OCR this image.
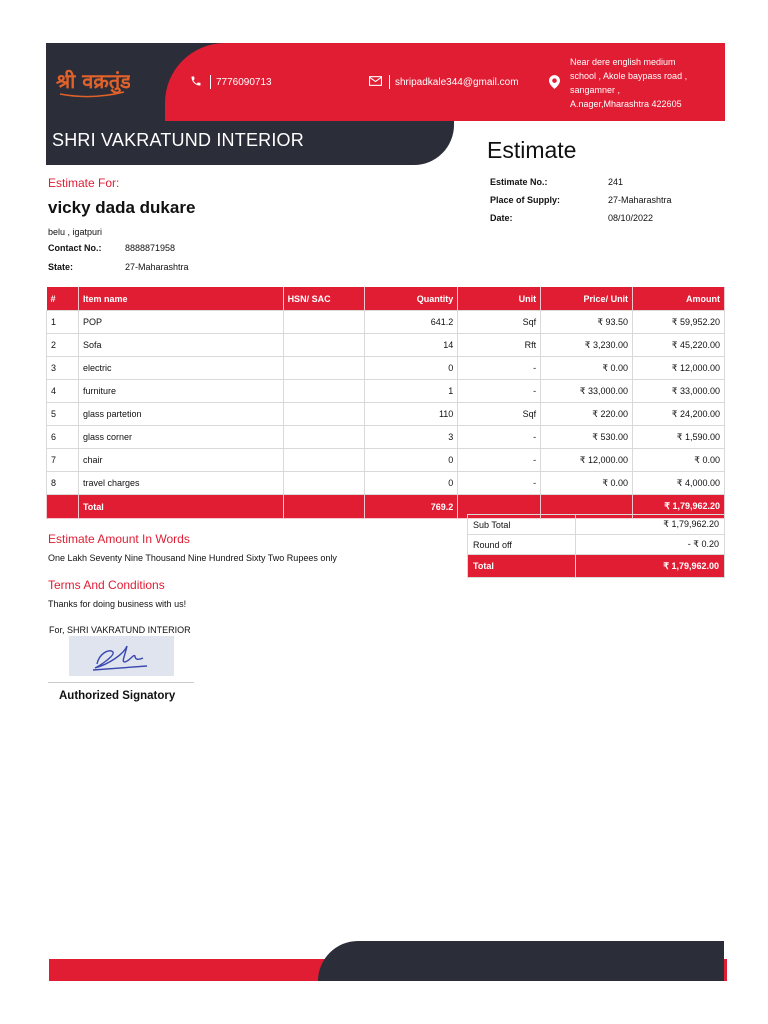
श्री वक्रतुंड	7776090713	shripadkale344@gmail.com
Near dere english medium
school , Akole baypass road ,
sangamner ,
A.nager,Mharashtra 422605
SHRI VAKRATUND INTERIOR	Estimate
Estimate For:
vicky dada dukare
belu , igatpuri
Contact No.:	8888871958
State:	27-Maharashtra
Estimate No.:	241
Place of Supply:	27-Maharashtra
Date:	08/10/2022
#	Item name	HSN/ SAC	Quantity	Unit	Price/ Unit	Amount
1	POP		641.2	Sqf	₹ 93.50	₹ 59,952.20
2	Sofa		14	Rft	₹ 3,230.00	₹ 45,220.00
3	electric		0	-	₹ 0.00	₹ 12,000.00
4	furniture		1	-	₹ 33,000.00	₹ 33,000.00
5	glass partetion		110	Sqf	₹ 220.00	₹ 24,200.00
6	glass corner		3	-	₹ 530.00	₹ 1,590.00
7	chair		0	-	₹ 12,000.00	₹ 0.00
8	travel charges		0	-	₹ 0.00	₹ 4,000.00
	Total		769.2			₹ 1,79,962.20
Sub Total	₹ 1,79,962.20
Round off	- ₹ 0.20
Total	₹ 1,79,962.00
Estimate Amount In Words
One Lakh Seventy Nine Thousand Nine Hundred Sixty Two Rupees only
Terms And Conditions
Thanks for doing business with us!
For, SHRI VAKRATUND INTERIOR
Authorized Signatory
